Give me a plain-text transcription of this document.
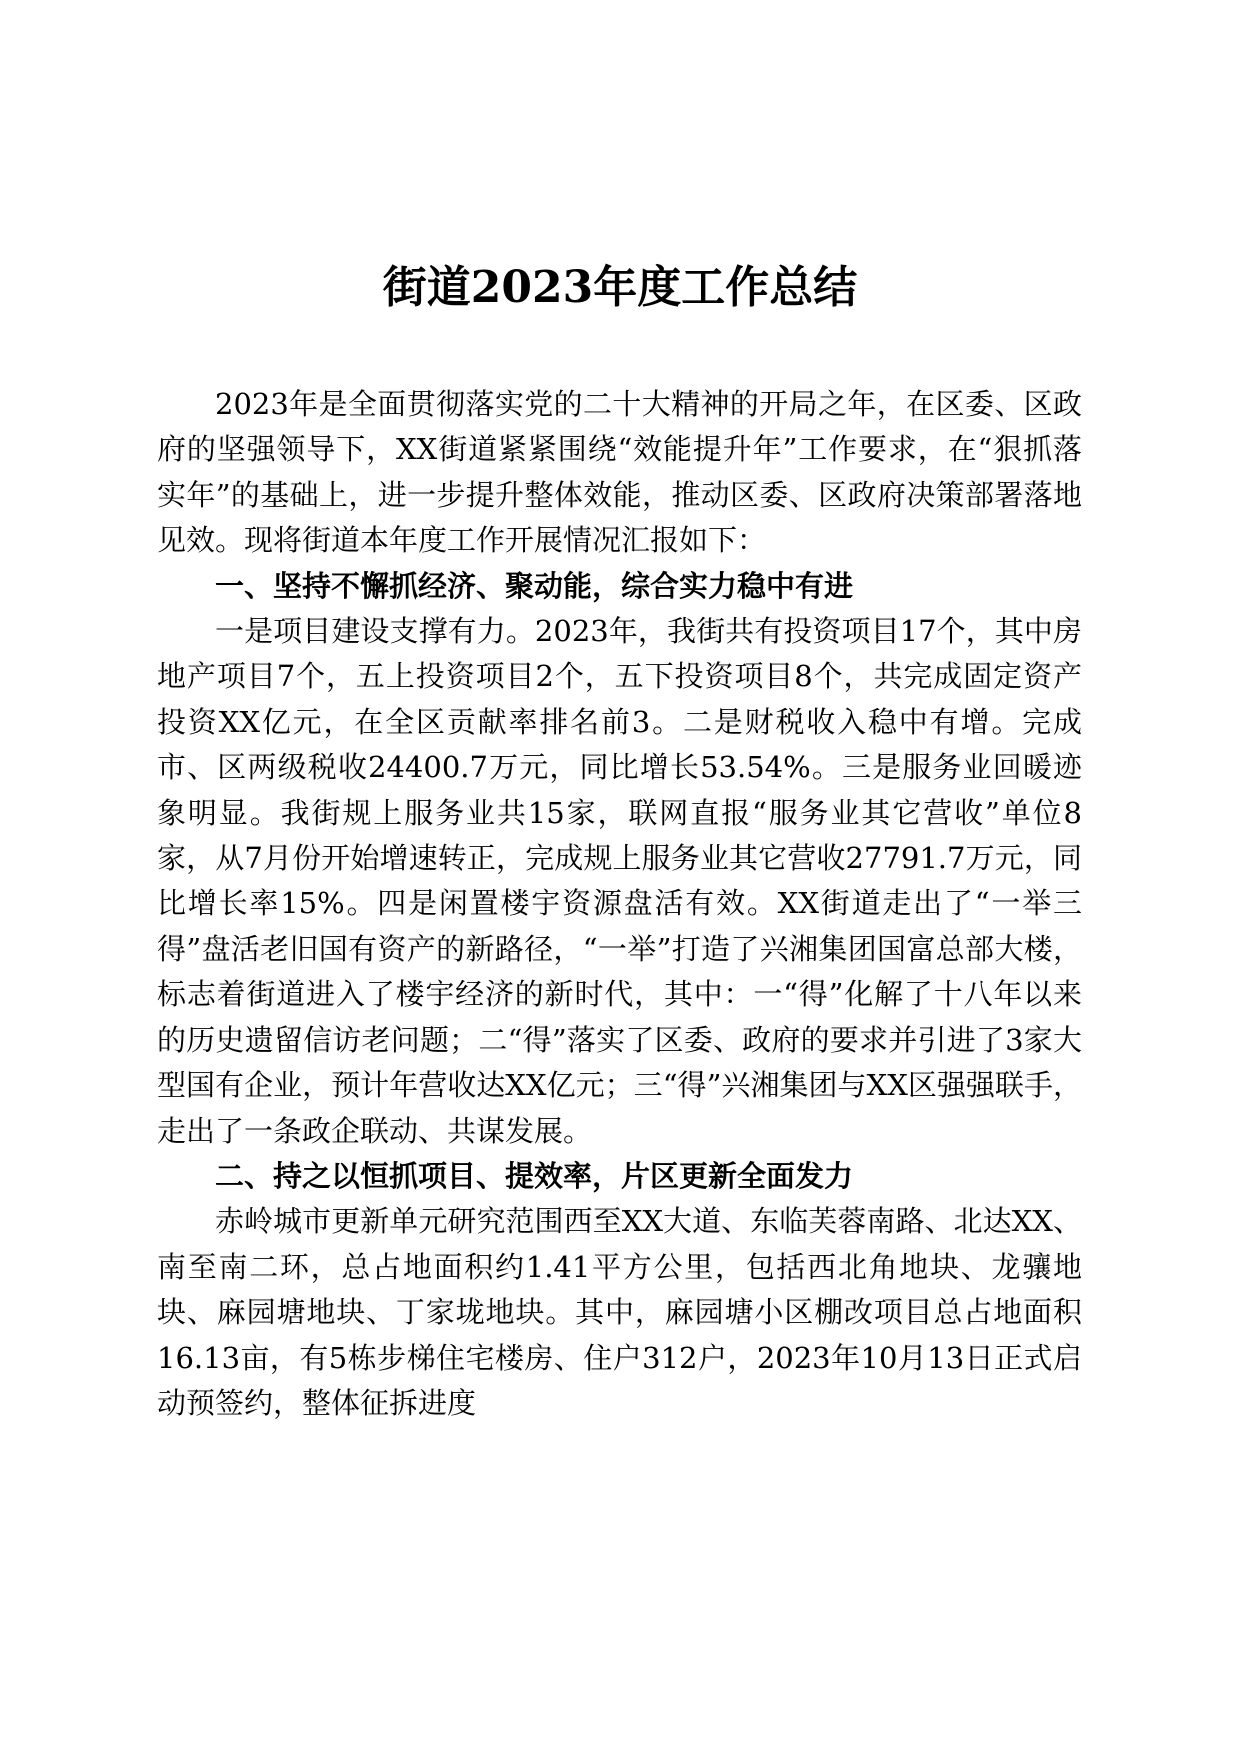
街道2023年度工作总结

2023年是全面贯彻落实党的二十大精神的开局之年，在区委、区政府的坚强领导下，XX街道紧紧围绕“效能提升年”工作要求，在“狠抓落实年”的基础上，进一步提升整体效能，推动区委、区政府决策部署落地见效。现将街道本年度工作开展情况汇报如下：

一、坚持不懈抓经济、聚动能，综合实力稳中有进

一是项目建设支撑有力。2023年，我街共有投资项目17个，其中房地产项目7个，五上投资项目2个，五下投资项目8个，共完成固定资产投资XX亿元，在全区贡献率排名前3。二是财税收入稳中有增。完成市、区两级税收24400.7万元，同比增长53.54%。三是服务业回暖迹象明显。我街规上服务业共15家，联网直报“服务业其它营收”单位8家，从7月份开始增速转正，完成规上服务业其它营收27791.7万元，同比增长率15%。四是闲置楼宇资源盘活有效。XX街道走出了“一举三得”盘活老旧国有资产的新路径，“一举”打造了兴湘集团国富总部大楼，标志着街道进入了楼宇经济的新时代，其中：一“得”化解了十八年以来的历史遗留信访老问题；二“得”落实了区委、政府的要求并引进了3家大型国有企业，预计年营收达XX亿元；三“得”兴湘集团与XX区强强联手，走出了一条政企联动、共谋发展。

二、持之以恒抓项目、提效率，片区更新全面发力

赤岭城市更新单元研究范围西至XX大道、东临芙蓉南路、北达XX、南至南二环，总占地面积约1.41平方公里，包括西北角地块、龙骧地块、麻园塘地块、丁家垅地块。其中，麻园塘小区棚改项目总占地面积16.13亩，有5栋步梯住宅楼房、住户312户，2023年10月13日正式启动预签约，整体征拆进度
